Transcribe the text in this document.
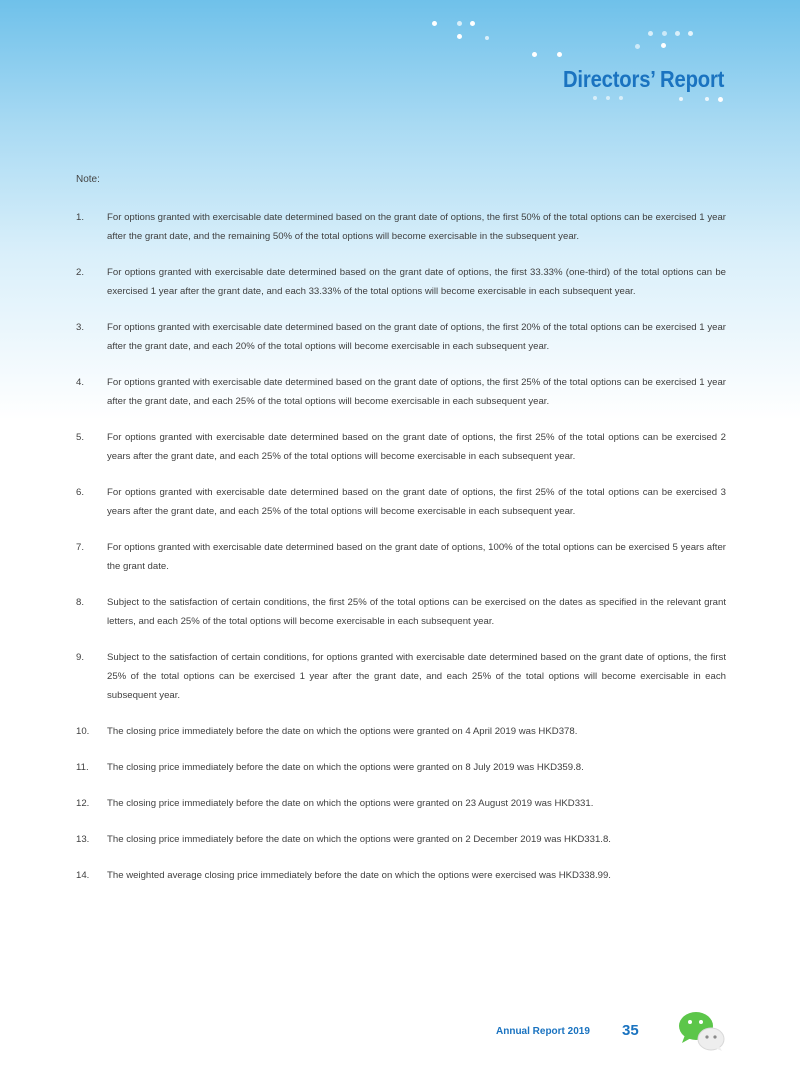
Directors’ Report
Note:
1. For options granted with exercisable date determined based on the grant date of options, the first 50% of the total options can be exercised 1 year after the grant date, and the remaining 50% of the total options will become exercisable in the subsequent year.
2. For options granted with exercisable date determined based on the grant date of options, the first 33.33% (one-third) of the total options can be exercised 1 year after the grant date, and each 33.33% of the total options will become exercisable in each subsequent year.
3. For options granted with exercisable date determined based on the grant date of options, the first 20% of the total options can be exercised 1 year after the grant date, and each 20% of the total options will become exercisable in each subsequent year.
4. For options granted with exercisable date determined based on the grant date of options, the first 25% of the total options can be exercised 1 year after the grant date, and each 25% of the total options will become exercisable in each subsequent year.
5. For options granted with exercisable date determined based on the grant date of options, the first 25% of the total options can be exercised 2 years after the grant date, and each 25% of the total options will become exercisable in each subsequent year.
6. For options granted with exercisable date determined based on the grant date of options, the first 25% of the total options can be exercised 3 years after the grant date, and each 25% of the total options will become exercisable in each subsequent year.
7. For options granted with exercisable date determined based on the grant date of options, 100% of the total options can be exercised 5 years after the grant date.
8. Subject to the satisfaction of certain conditions, the first 25% of the total options can be exercised on the dates as specified in the relevant grant letters, and each 25% of the total options will become exercisable in each subsequent year.
9. Subject to the satisfaction of certain conditions, for options granted with exercisable date determined based on the grant date of options, the first 25% of the total options can be exercised 1 year after the grant date, and each 25% of the total options will become exercisable in each subsequent year.
10. The closing price immediately before the date on which the options were granted on 4 April 2019 was HKD378.
11. The closing price immediately before the date on which the options were granted on 8 July 2019 was HKD359.8.
12. The closing price immediately before the date on which the options were granted on 23 August 2019 was HKD331.
13. The closing price immediately before the date on which the options were granted on 2 December 2019 was HKD331.8.
14. The weighted average closing price immediately before the date on which the options were exercised was HKD338.99.
Annual Report 2019 35
